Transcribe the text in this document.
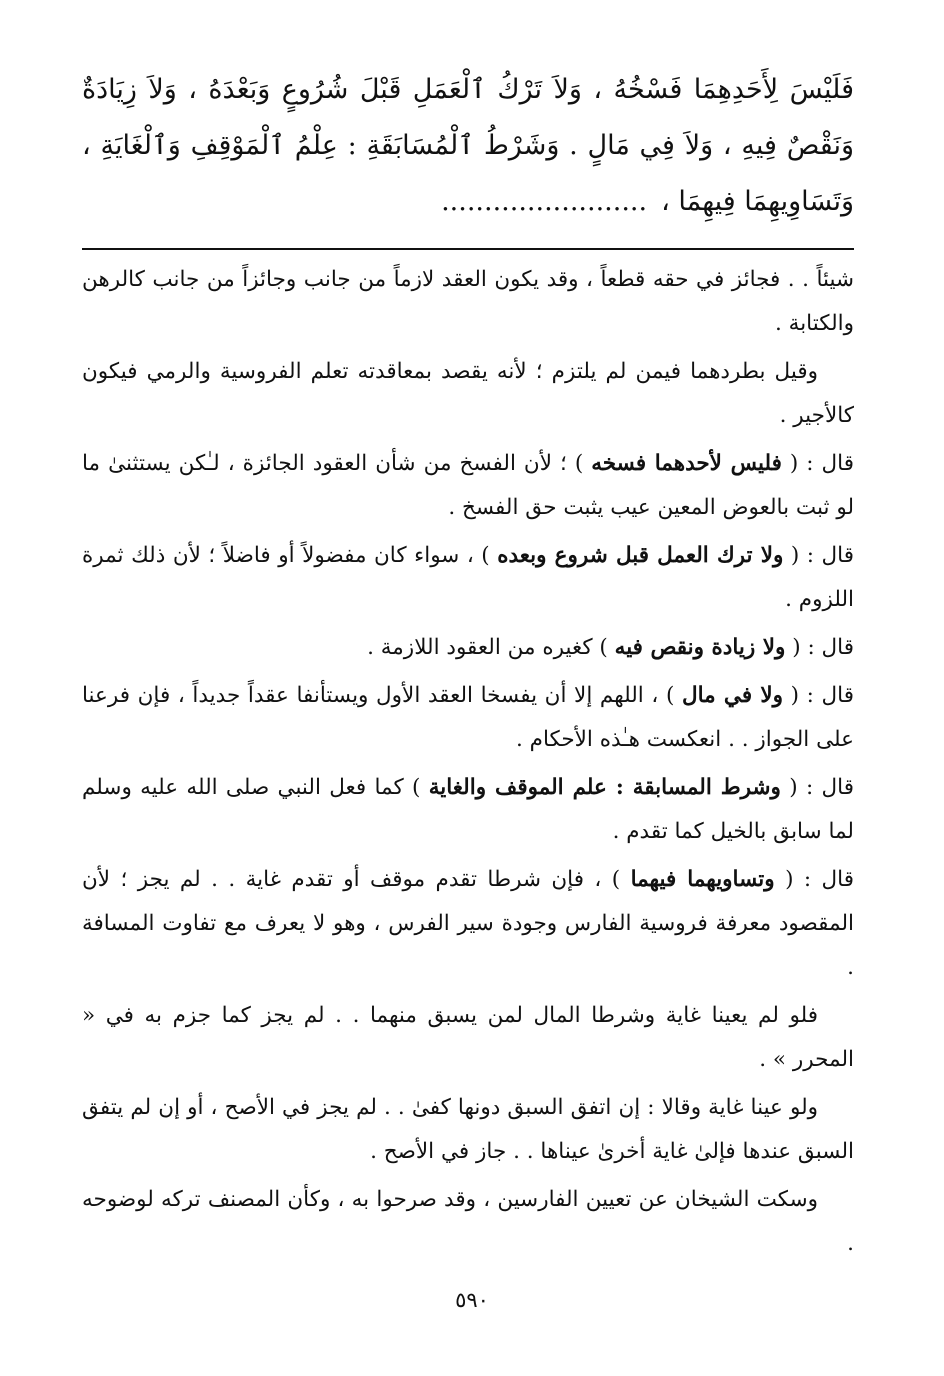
فَلَيْسَ لِأَحَدِهِمَا فَسْخُهُ ، وَلاَ تَرْكُ ٱلْعَمَلِ قَبْلَ شُرُوعٍ وَبَعْدَهُ ، وَلاَ زِيَادَةٌ وَنَقْصٌ فِيهِ ، وَلاَ فِي مَالٍ . وَشَرْطُ ٱلْمُسَابَقَةِ : عِلْمُ ٱلْمَوْقِفِ وَٱلْغَايَةِ ، وَتَسَاوِيهِمَا فِيهِمَا ،........................

شيئاً . . فجائز في حقه قطعاً ، وقد يكون العقد لازماً من جانب وجائزاً من جانب كالرهن والكتابة .

وقيل بطردهما فيمن لم يلتزم ؛ لأنه يقصد بمعاقدته تعلم الفروسية والرمي فيكون كالأجير .

قال : ( فليس لأحدهما فسخه ) ؛ لأن الفسخ من شأن العقود الجائزة ، لـٰكن يستثنىٰ ما لو ثبت بالعوض المعين عيب يثبت حق الفسخ .

قال : ( ولا ترك العمل قبل شروع وبعده ) ، سواء كان مفضولاً أو فاضلاً ؛ لأن ذلك ثمرة اللزوم .

قال : ( ولا زيادة ونقص فيه ) كغيره من العقود اللازمة .

قال : ( ولا في مال ) ، اللهم إلا أن يفسخا العقد الأول ويستأنفا عقداً جديداً ، فإن فرعنا على الجواز . . انعكست هـٰذه الأحكام .

قال : ( وشرط المسابقة : علم الموقف والغاية ) كما فعل النبي صلى الله عليه وسلم لما سابق بالخيل كما تقدم .

قال : ( وتساويهما فيهما ) ، فإن شرطا تقدم موقف أو تقدم غاية . . لم يجز ؛ لأن المقصود معرفة فروسية الفارس وجودة سير الفرس ، وهو لا يعرف مع تفاوت المسافة .

فلو لم يعينا غاية وشرطا المال لمن يسبق منهما . . لم يجز كما جزم به في « المحرر » .

ولو عينا غاية وقالا : إن اتفق السبق دونها كفىٰ . . لم يجز في الأصح ، أو إن لم يتفق السبق عندها فإلىٰ غاية أخرىٰ عيناها . . جاز في الأصح .

وسكت الشيخان عن تعيين الفارسين ، وقد صرحوا به ، وكأن المصنف تركه لوضوحه .

٥٩٠
